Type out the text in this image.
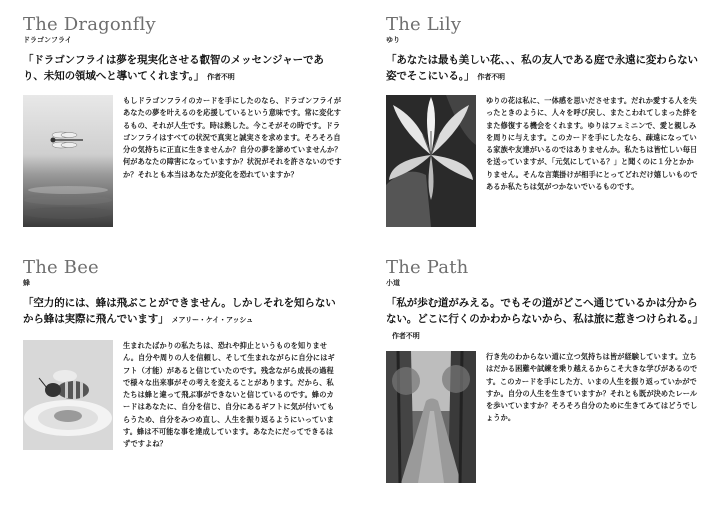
The Dragonfly
ドラゴンフライ
「ドラゴンフライは夢を現実化させる叡智のメッセンジャーであり、未知の領域へと導いてくれます。」 作者不明
もしドラゴンフライのカードを手にしたのなら、ドラゴンフライがあなたの夢を叶えるのを応援しているという意味です。常に変化するもの、それが人生です。時は熟した。今こそがその時です。ドラゴンフライはすべての状況で真実と誠実さを求めます。そろそろ自分の気持ちに正直に生きませんか？自分の夢を諦めていませんか？何があなたの障害になっていますか？状況がそれを許さないのですか？それとも本当はあなたが変化を恐れていますか？
The Lily
ゆり
「あなたは最も美しい花、、、私の友人である庭で永遠に変わらない姿でそこにいる。」 作者不明
ゆりの花は私に、一体感を思いださせます。だれか愛する人を失ったときのように、人々を呼び戻し、またこわれてしまった絆をまた修復する機会をくれます。ゆりはフェミニンで、愛と親しみを周りに与えます。このカードを手にしたなら、疎遠になっている家族や友達がいるのではありませんか。私たちは皆忙しい毎日を送っていますが、「元気にしている？」と聞くのに１分とかかりません。そんな言葉掛けが相手にとってどれだけ嬉しいものであるか私たちは気がつかないでいるものです。
The Bee
蜂
「空力的には、蜂は飛ぶことができません。しかしそれを知らないから蜂は実際に飛んでいます」 メアリー・ケイ・アッシュ
生まれたばかりの私たちは、恐れや抑止というものを知りません。自分や周りの人を信頼し、そして生まれながらに自分にはギフト（才能）があると信じていたのです。残念ながら成長の過程で様々な出来事がその考えを変えることがあります。だから、私たちは蜂と違って飛ぶ事ができないと信じているのです。蜂のカードはあなたに、自分を信じ、自分にあるギフトに気が付いてもらうため、自分をみつめ直し、人生を振り返るようにいっています。蜂は不可能な事を達成しています。あなたにだってできるはずですよね？
The Path
小道
「私が歩む道がみえる。でもその道がどこへ通じているかは分からない。どこに行くのかわからないから、私は旅に惹きつけられる。」作者不明
行き先のわからない道に立つ気持ちは皆が経験しています。立ちはだかる困難や試練を乗り越えるからこそ大きな学びがあるのです。このカードを手にした方、いまの人生を振り返っていかがですか。自分の人生を生きていますか？それとも既が決めたレールを歩いていますか？そろそろ自分のために生きてみてはどうでしょうか。
